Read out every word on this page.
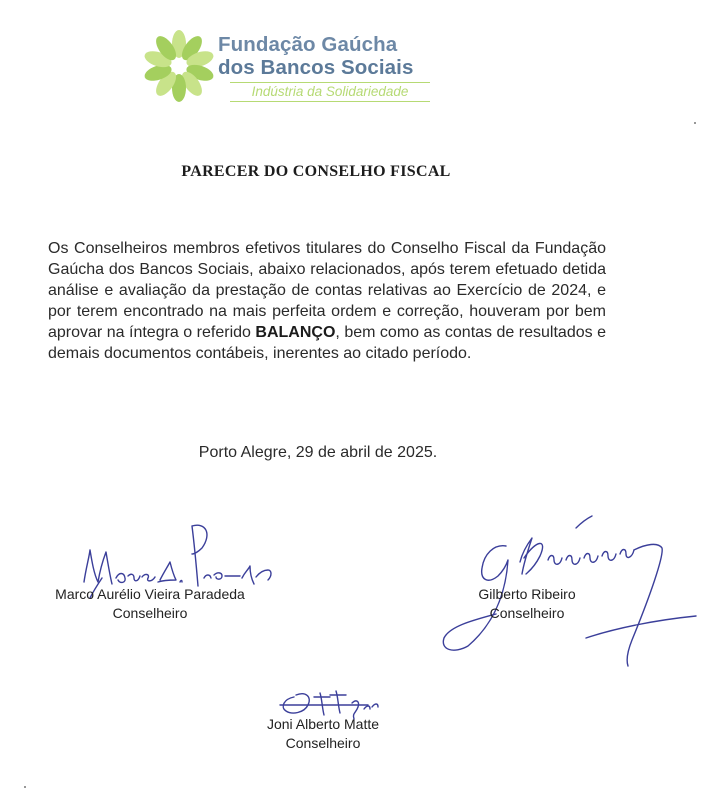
Fundação Gaúcha
dos Bancos Sociais
Indústria da Solidariedade
PARECER DO CONSELHO FISCAL
Os Conselheiros membros efetivos titulares do Conselho Fiscal da Fundação Gaúcha dos Bancos Sociais, abaixo relacionados, após terem efetuado detida análise e avaliação da prestação de contas relativas ao Exercício de 2024, e por terem encontrado na mais perfeita ordem e correção, houveram por bem aprovar na íntegra o referido BALANÇO, bem como as contas de resultados e demais documentos contábeis, inerentes ao citado período.
Porto Alegre, 29 de abril de 2025.
Marco Aurélio Vieira Paradeda
Conselheiro
Gilberto Ribeiro
Conselheiro
Joni Alberto Matte
Conselheiro
